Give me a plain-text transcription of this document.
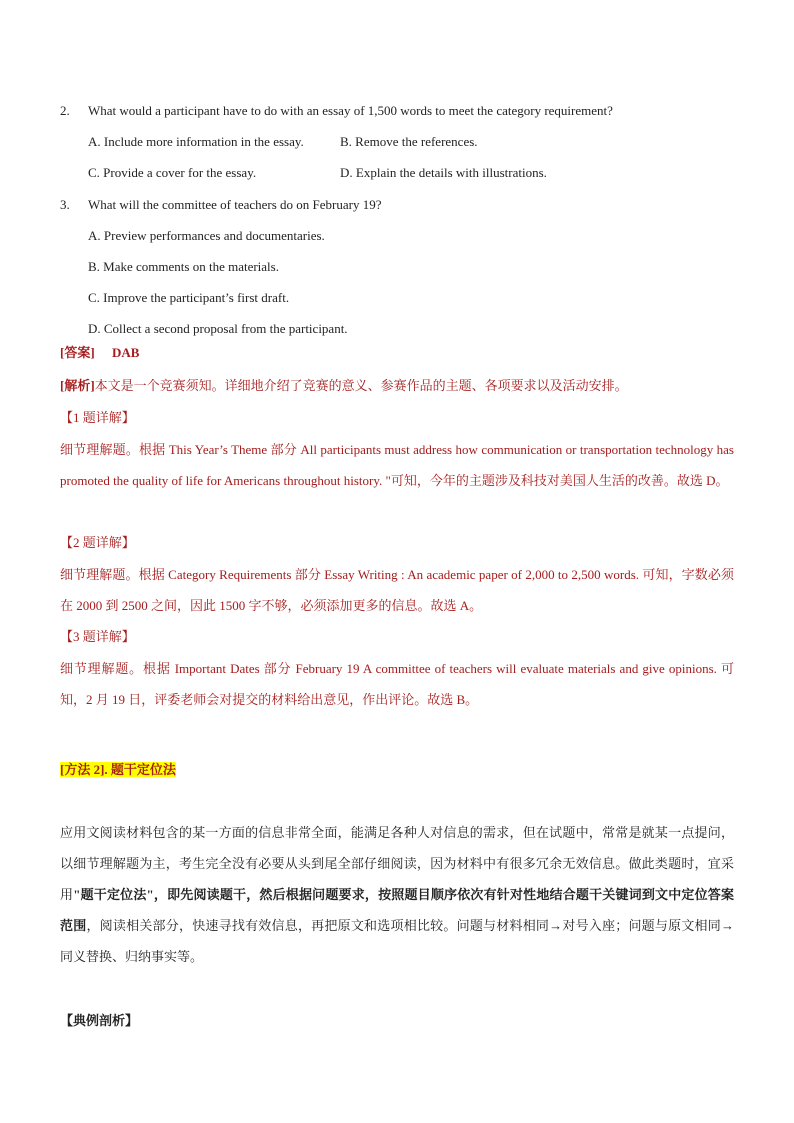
2. What would a participant have to do with an essay of 1,500 words to meet the category requirement?
A. Include more information in the essay.	B. Remove the references.
C. Provide a cover for the essay.	D. Explain the details with illustrations.
3. What will the committee of teachers do on February 19?
A. Preview performances and documentaries.
B. Make comments on the materials.
C. Improve the participant’s first draft.
D. Collect a second proposal from the participant.
[答案] DAB
[解析]本文是一个竞赛须知。详细地介绍了竞赛的意义、参赛作品的主题、各项要求以及活动安排。
【1 题详解】
细节理解题。根据 This Year’s Theme 部分 All participants must address how communication or transportation technology has promoted the quality of life for Americans throughout history. "可知，今年的主题涉及科技对美国人生活的改善。故选 D。
【2 题详解】
细节理解题。根据 Category Requirements 部分 Essay Writing : An academic paper of 2,000 to 2,500 words. 可知，字数必须在 2000 到 2500 之间，因此 1500 字不够，必须添加更多的信息。故选 A。
【3 题详解】
细节理解题。根据 Important Dates 部分 February 19 A committee of teachers will evaluate materials and give opinions. 可知，2 月 19 日，评委老师会对提交的材料给出意见，作出评论。故选 B。
[方法 2]. 题干定位法
应用文阅读材料包含的某一方面的信息非常全面，能满足各种人对信息的需求，但在试题中，常常是就某一点提问，以细节理解题为主，考生完全没有必要从头到尾全部仔细阅读，因为材料中有很多冗余无效信息。做此类题时，宜采用"题干定位法"，即先阅读题干，然后根据问题要求，按照题目顺序依次有针对性地结合题干关键词到文中定位答案范围，阅读相关部分，快速寻找有效信息，再把原文和选项相比较。问题与材料相同→对号入座；问题与原文相同→同义替换、归纳事实等。
【典例剖析】
